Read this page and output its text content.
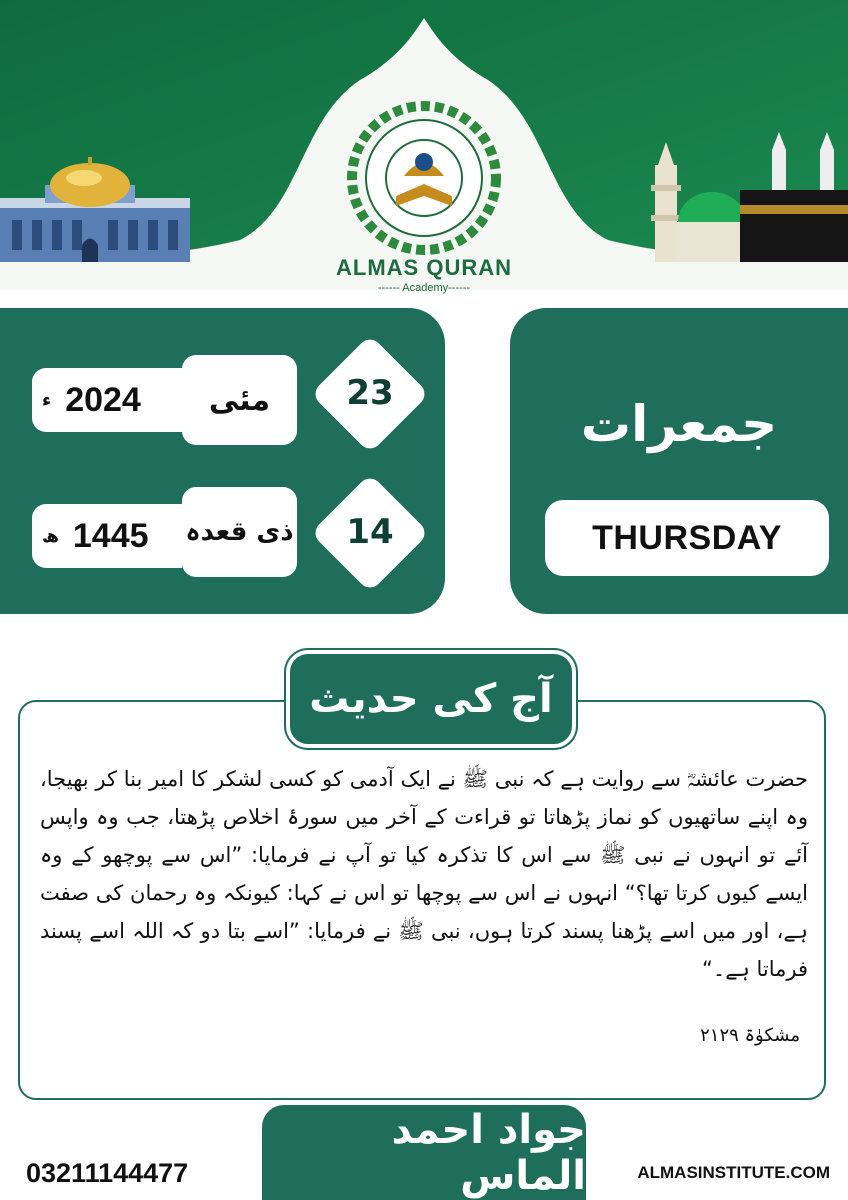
ALMAS QURAN
------ Academy------
مئی
ء 2024	23
ذی قعدہ
ھ 1445	14
جمعرات
THURSDAY
آج کی حدیث
حضرت عائشہؓ سے روایت ہے کہ نبی ﷺ نے ایک آدمی کو کسی لشکر کا امیر بنا کر بھیجا، وہ اپنے ساتھیوں کو نماز پڑھاتا تو قراءت کے آخر میں سورۂ اخلاص پڑھتا، جب وہ واپس آئے تو انہوں نے نبی ﷺ سے اس کا تذکرہ کیا تو آپ نے فرمایا: ”اس سے پوچھو کے وہ ایسے کیوں کرتا تھا؟“ انہوں نے اس سے پوچھا تو اس نے کہا: کیونکہ وہ رحمان کی صفت ہے، اور میں اسے پڑھنا پسند کرتا ہوں، نبی ﷺ نے فرمایا: ”اسے بتا دو کہ اللہ اسے پسند فرماتا ہے۔“
مشکوٰۃ ۲۱۲۹
جواد احمد الماس
03211144477	ALMASINSTITUTE.COM
